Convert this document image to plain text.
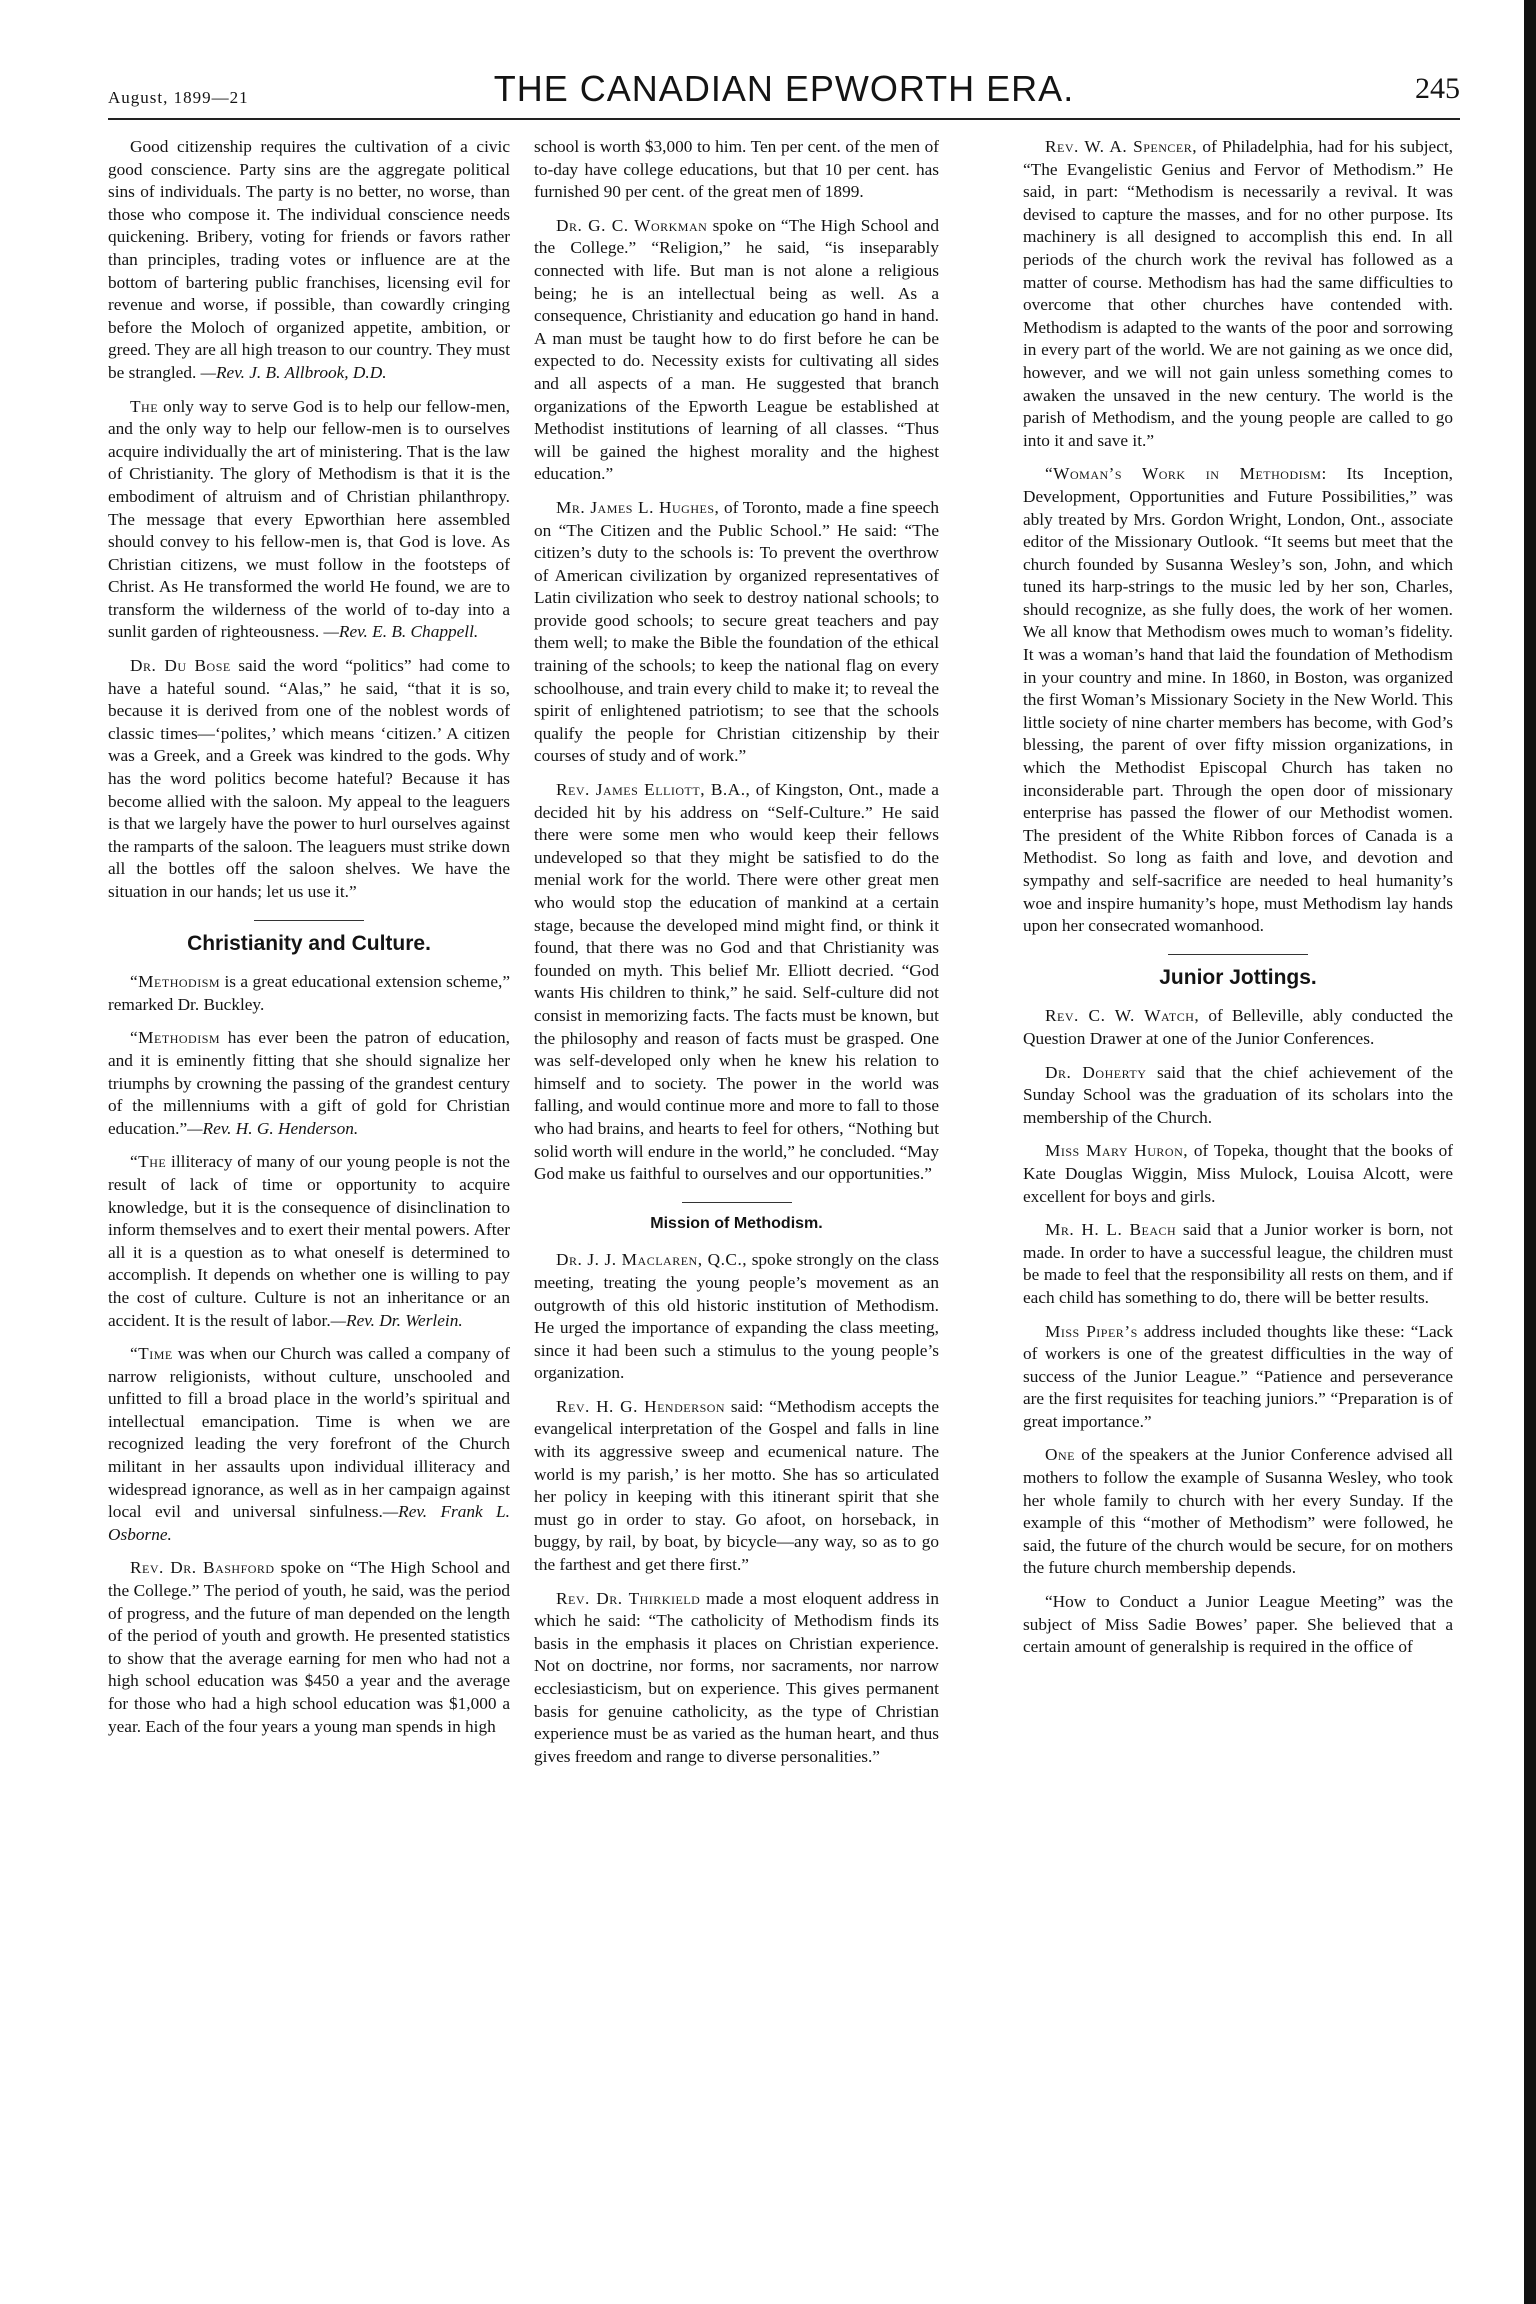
August, 1899—21	THE CANADIAN EPWORTH ERA.	245

Good citizenship requires the cultivation of a civic good conscience. Party sins are the aggregate political sins of individuals. The party is no better, no worse, than those who compose it. The individual conscience needs quickening. Bribery, voting for friends or favors rather than principles, trading votes or influence are at the bottom of bartering public franchises, licensing evil for revenue and worse, if possible, than cowardly cringing before the Moloch of organized appetite, ambition, or greed. They are all high treason to our country. They must be strangled. —Rev. J. B. Allbrook, D.D.

The only way to serve God is to help our fellow-men, and the only way to help our fellow-men is to ourselves acquire individually the art of ministering. That is the law of Christianity. The glory of Methodism is that it is the embodiment of altruism and of Christian philanthropy. The message that every Epworthian here assembled should convey to his fellow-men is, that God is love. As Christian citizens, we must follow in the footsteps of Christ. As He transformed the world He found, we are to transform the wilderness of the world of to-day into a sunlit garden of righteousness. —Rev. E. B. Chappell.

Dr. Du Bose said the word “politics” had come to have a hateful sound. “Alas,” he said, “that it is so, because it is derived from one of the noblest words of classic times—‘polites,’ which means ‘citizen.’ A citizen was a Greek, and a Greek was kindred to the gods. Why has the word politics become hateful? Because it has become allied with the saloon. My appeal to the leaguers is that we largely have the power to hurl ourselves against the ramparts of the saloon. The leaguers must strike down all the bottles off the saloon shelves. We have the situation in our hands; let us use it.”

Christianity and Culture.

“Methodism is a great educational extension scheme,” remarked Dr. Buckley.

“Methodism has ever been the patron of education, and it is eminently fitting that she should signalize her triumphs by crowning the passing of the grandest century of the millenniums with a gift of gold for Christian education.”—Rev. H. G. Henderson.

“The illiteracy of many of our young people is not the result of lack of time or opportunity to acquire knowledge, but it is the consequence of disinclination to inform themselves and to exert their mental powers. After all it is a question as to what oneself is determined to accomplish. It depends on whether one is willing to pay the cost of culture. Culture is not an inheritance or an accident. It is the result of labor.—Rev. Dr. Werlein.

“Time was when our Church was called a company of narrow religionists, without culture, unschooled and unfitted to fill a broad place in the world’s spiritual and intellectual emancipation. Time is when we are recognized leading the very forefront of the Church militant in her assaults upon individual illiteracy and widespread ignorance, as well as in her campaign against local evil and universal sinfulness.—Rev. Frank L. Osborne.

Rev. Dr. Bashford spoke on “The High School and the College.” The period of youth, he said, was the period of progress, and the future of man depended on the length of the period of youth and growth. He presented statistics to show that the average earning for men who had not a high school education was $450 a year and the average for those who had a high school education was $1,000 a year. Each of the four years a young man spends in high

school is worth $3,000 to him. Ten per cent. of the men of to-day have college educations, but that 10 per cent. has furnished 90 per cent. of the great men of 1899.

Dr. G. C. Workman spoke on “The High School and the College.” “Religion,” he said, “is inseparably connected with life. But man is not alone a religious being; he is an intellectual being as well. As a consequence, Christianity and education go hand in hand. A man must be taught how to do first before he can be expected to do. Necessity exists for cultivating all sides and all aspects of a man. He suggested that branch organizations of the Epworth League be established at Methodist institutions of learning of all classes. “Thus will be gained the highest morality and the highest education.”

Mr. James L. Hughes, of Toronto, made a fine speech on “The Citizen and the Public School.” He said: “The citizen’s duty to the schools is: To prevent the overthrow of American civilization by organized representatives of Latin civilization who seek to destroy national schools; to provide good schools; to secure great teachers and pay them well; to make the Bible the foundation of the ethical training of the schools; to keep the national flag on every schoolhouse, and train every child to make it; to reveal the spirit of enlightened patriotism; to see that the schools qualify the people for Christian citizenship by their courses of study and of work.”

Rev. James Elliott, B.A., of Kingston, Ont., made a decided hit by his address on “Self-Culture.” He said there were some men who would keep their fellows undeveloped so that they might be satisfied to do the menial work for the world. There were other great men who would stop the education of mankind at a certain stage, because the developed mind might find, or think it found, that there was no God and that Christianity was founded on myth. This belief Mr. Elliott decried. “God wants His children to think,” he said. Self-culture did not consist in memorizing facts. The facts must be known, but the philosophy and reason of facts must be grasped. One was self-developed only when he knew his relation to himself and to society. The power in the world was falling, and would continue more and more to fall to those who had brains, and hearts to feel for others, “Nothing but solid worth will endure in the world,” he concluded. “May God make us faithful to ourselves and our opportunities.”

Mission of Methodism.

Dr. J. J. Maclaren, Q.C., spoke strongly on the class meeting, treating the young people’s movement as an outgrowth of this old historic institution of Methodism. He urged the importance of expanding the class meeting, since it had been such a stimulus to the young people’s organization.

Rev. H. G. Henderson said: “Methodism accepts the evangelical interpretation of the Gospel and falls in line with its aggressive sweep and ecumenical nature. The world is my parish,’ is her motto. She has so articulated her policy in keeping with this itinerant spirit that she must go in order to stay. Go afoot, on horseback, in buggy, by rail, by boat, by bicycle—any way, so as to go the farthest and get there first.”

Rev. Dr. Thirkield made a most eloquent address in which he said: “The catholicity of Methodism finds its basis in the emphasis it places on Christian experience. Not on doctrine, nor forms, nor sacraments, nor narrow ecclesiasticism, but on experience. This gives permanent basis for genuine catholicity, as the type of Christian experience must be as varied as the human heart, and thus gives freedom and range to diverse personalities.”

Rev. W. A. Spencer, of Philadelphia, had for his subject, “The Evangelistic Genius and Fervor of Methodism.” He said, in part: “Methodism is necessarily a revival. It was devised to capture the masses, and for no other purpose. Its machinery is all designed to accomplish this end. In all periods of the church work the revival has followed as a matter of course. Methodism has had the same difficulties to overcome that other churches have contended with. Methodism is adapted to the wants of the poor and sorrowing in every part of the world. We are not gaining as we once did, however, and we will not gain unless something comes to awaken the unsaved in the new century. The world is the parish of Methodism, and the young people are called to go into it and save it.”

“Woman’s Work in Methodism: Its Inception, Development, Opportunities and Future Possibilities,” was ably treated by Mrs. Gordon Wright, London, Ont., associate editor of the Missionary Outlook. “It seems but meet that the church founded by Susanna Wesley’s son, John, and which tuned its harp-strings to the music led by her son, Charles, should recognize, as she fully does, the work of her women. We all know that Methodism owes much to woman’s fidelity. It was a woman’s hand that laid the foundation of Methodism in your country and mine. In 1860, in Boston, was organized the first Woman’s Missionary Society in the New World. This little society of nine charter members has become, with God’s blessing, the parent of over fifty mission organizations, in which the Methodist Episcopal Church has taken no inconsiderable part. Through the open door of missionary enterprise has passed the flower of our Methodist women. The president of the White Ribbon forces of Canada is a Methodist. So long as faith and love, and devotion and sympathy and self-sacrifice are needed to heal humanity’s woe and inspire humanity’s hope, must Methodism lay hands upon her consecrated womanhood.

Junior Jottings.

Rev. C. W. Watch, of Belleville, ably conducted the Question Drawer at one of the Junior Conferences.

Dr. Doherty said that the chief achievement of the Sunday School was the graduation of its scholars into the membership of the Church.

Miss Mary Huron, of Topeka, thought that the books of Kate Douglas Wiggin, Miss Mulock, Louisa Alcott, were excellent for boys and girls.

Mr. H. L. Beach said that a Junior worker is born, not made. In order to have a successful league, the children must be made to feel that the responsibility all rests on them, and if each child has something to do, there will be better results.

Miss Piper’s address included thoughts like these: “Lack of workers is one of the greatest difficulties in the way of success of the Junior League.” “Patience and perseverance are the first requisites for teaching juniors.” “Preparation is of great importance.”

One of the speakers at the Junior Conference advised all mothers to follow the example of Susanna Wesley, who took her whole family to church with her every Sunday. If the example of this “mother of Methodism” were followed, he said, the future of the church would be secure, for on mothers the future church membership depends.

“How to Conduct a Junior League Meeting” was the subject of Miss Sadie Bowes’ paper. She believed that a certain amount of generalship is required in the office of
